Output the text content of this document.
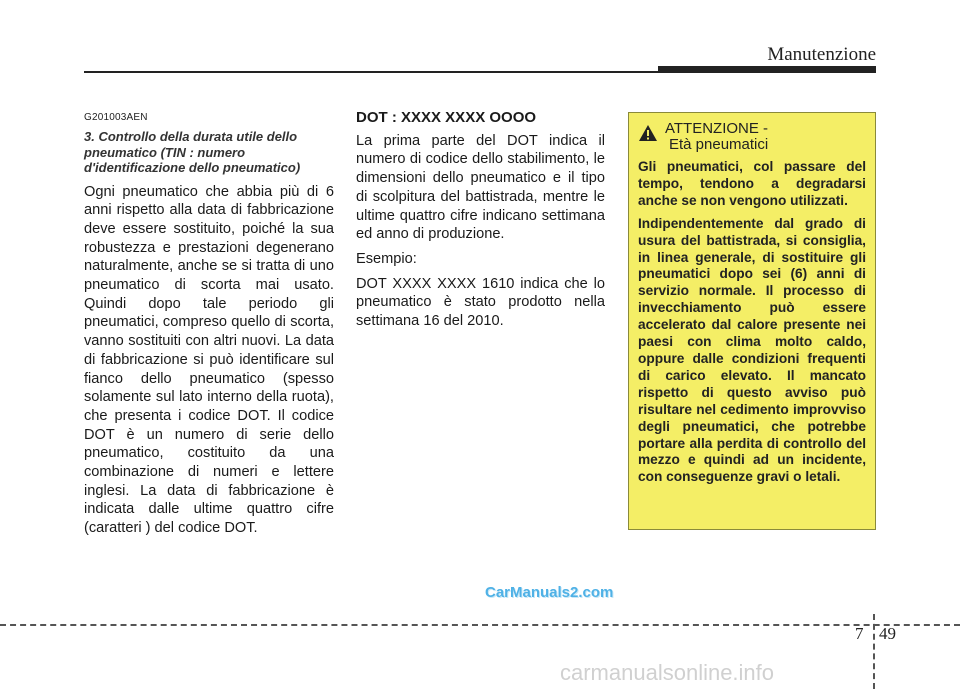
Manutenzione
G201003AEN
3. Controllo della durata utile dello pneumatico (TIN : numero d'identificazione dello pneumatico)

Ogni pneumatico che abbia più di 6 anni rispetto alla data di fabbricazione deve essere sostituito, poiché la sua robustezza e prestazioni degenerano naturalmente, anche se si tratta di uno pneumatico di scorta mai usato. Quindi dopo tale periodo gli pneumatici, compreso quello di scorta, vanno sostituiti con altri nuovi. La data di fabbricazione si può identificare sul fianco dello pneumatico (spesso solamente sul lato interno della ruota), che presenta i codice DOT. Il codice DOT è un numero di serie dello pneumatico, costituito da una combinazione di numeri e lettere inglesi. La data di fabbricazione è indicata dalle ultime quattro cifre (caratteri ) del codice DOT.

DOT : XXXX XXXX OOOO

La prima parte del DOT indica il numero di codice dello stabilimento, le dimensioni dello pneumatico e il tipo di scolpitura del battistrada, mentre le ultime quattro cifre indicano settimana ed anno di produzione.

Esempio:

DOT XXXX XXXX 1610 indica che lo pneumatico è stato prodotto nella settimana 16 del 2010.

ATTENZIONE -
Età pneumatici

Gli pneumatici, col passare del tempo, tendono a degradarsi anche se non vengono utilizzati.

Indipendentemente dal grado di usura del battistrada, si consiglia, in linea generale, di sostituire gli pneumatici dopo sei (6) anni di servizio normale. Il processo di invecchiamento può essere accelerato dal calore presente nei paesi con clima molto caldo, oppure dalle condizioni frequenti di carico elevato. Il mancato rispetto di questo avviso può risultare nel cedimento improvviso degli pneumatici, che potrebbe portare alla perdita di controllo del mezzo e quindi ad un incidente, con conseguenze gravi o letali.

CarManuals2.com
7 49
carmanualsonline.info
